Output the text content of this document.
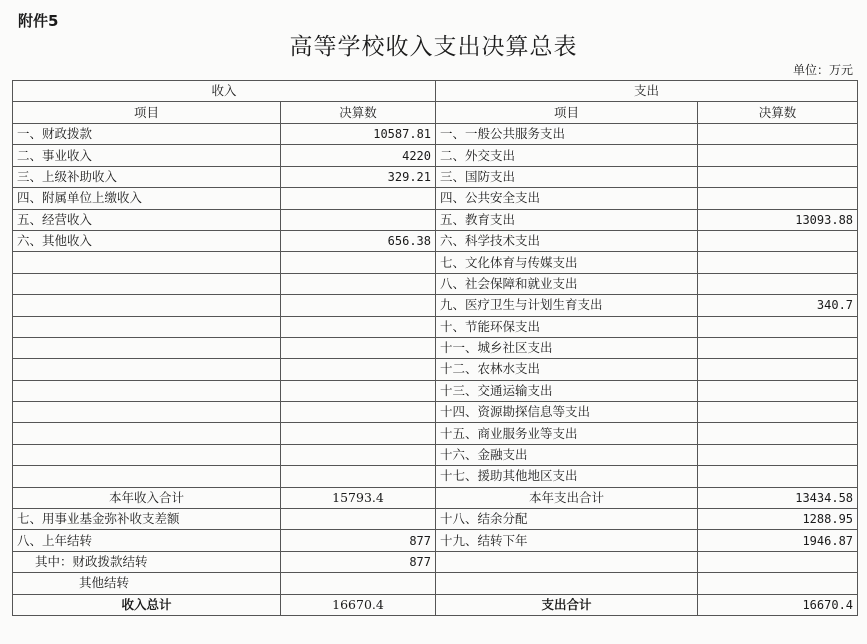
附件5
高等学校收入支出决算总表
单位：万元
收入		支出	
项目	决算数	项目	决算数
一、财政拨款	10587.81	一、一般公共服务支出	
二、事业收入	4220	二、外交支出	
三、上级补助收入	329.21	三、国防支出	
四、附属单位上缴收入		四、公共安全支出	
五、经营收入		五、教育支出	13093.88
六、其他收入	656.38	六、科学技术支出	
		七、文化体育与传媒支出	
		八、社会保障和就业支出	
		九、医疗卫生与计划生育支出	340.7
		十、节能环保支出	
		十一、城乡社区支出	
		十二、农林水支出	
		十三、交通运输支出	
		十四、资源勘探信息等支出	
		十五、商业服务业等支出	
		十六、金融支出	
		十七、援助其他地区支出	
本年收入合计	15793.4	本年支出合计	13434.58
七、用事业基金弥补收支差额		十八、结余分配	1288.95
八、上年结转	877	十九、结转下年	1946.87
其中：财政拨款结转	877		
其他结转			
收入总计	16670.4	支出合计	16670.4
